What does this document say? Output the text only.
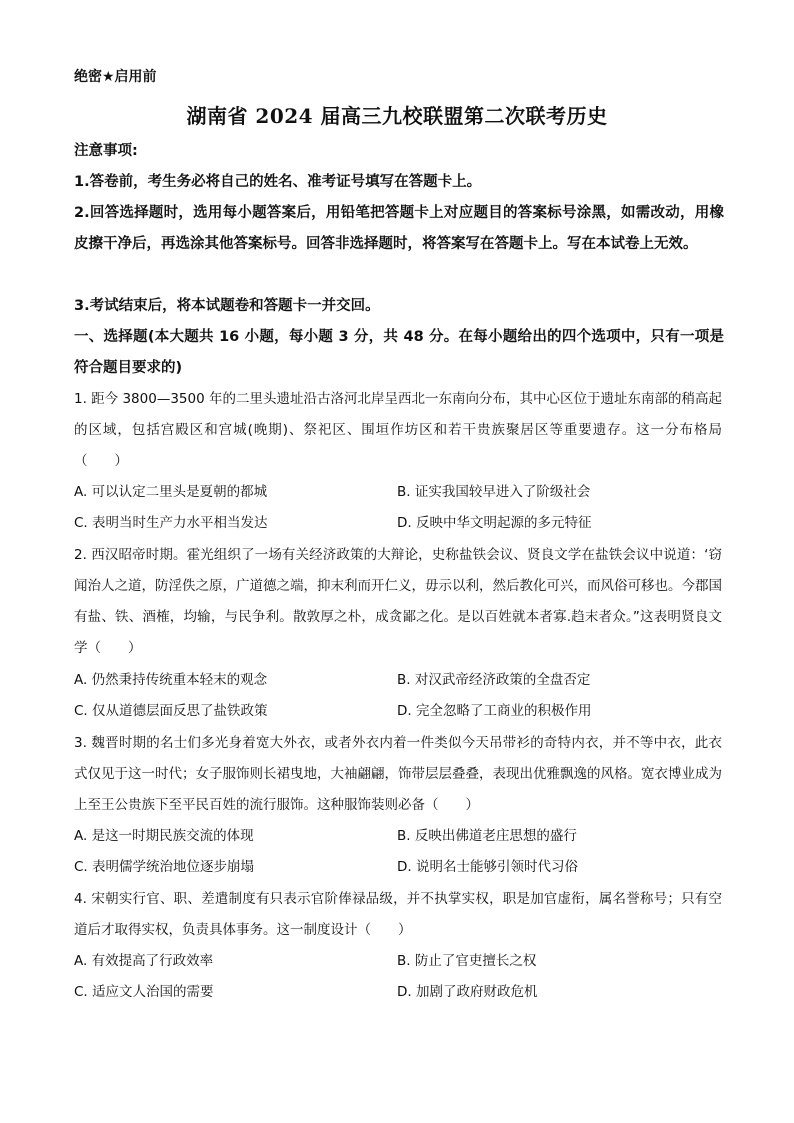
绝密★启用前
湖南省 2024 届高三九校联盟第二次联考历史
注意事项:
1.答卷前，考生务必将自己的姓名、准考证号填写在答题卡上。
2.回答选择题时，选用每小题答案后，用铅笔把答题卡上对应题目的答案标号涂黑，如需改动，用橡皮擦干净后，再选涂其他答案标号。回答非选择题时，将答案写在答题卡上。写在本试卷上无效。
3.考试结束后，将本试题卷和答题卡一并交回。
一、选择题(本大题共 16 小题，每小题 3 分，共 48 分。在每小题给出的四个选项中，只有一项是符合题目要求的)
1. 距今 3800—3500 年的二里头遗址沿古洛河北岸呈西北一东南向分布，其中心区位于遗址东南部的稍高起的区域，包括宫殿区和宫城(晚期)、祭祀区、围垣作坊区和若干贵族聚居区等重要遗存。这一分布格局（　　）
A. 可以认定二里头是夏朝的都城	B. 证实我国较早进入了阶级社会
C. 表明当时生产力水平相当发达	D. 反映中华文明起源的多元特征
2. 西汉昭帝时期。霍光组织了一场有关经济政策的大辩论，史称盐铁会议、贤良文学在盐铁会议中说道：‘窃闻治人之道，防淫佚之原，广道德之端，抑末利而开仁义，毋示以利，然后教化可兴，而风俗可移也。今郡国有盐、铁、酒榷，均输，与民争利。散敦厚之朴，成贪鄙之化。是以百姓就本者寡.趋末者众。”这表明贤良文学（　　）
A. 仍然秉持传统重本轻末的观念	B. 对汉武帝经济政策的全盘否定
C. 仅从道德层面反思了盐铁政策	D. 完全忽略了工商业的积极作用
3. 魏晋时期的名士们多光身着宽大外衣，或者外衣内着一件类似今天吊带衫的奇特内衣，并不等中衣，此衣式仅见于这一时代；女子服饰则长裙曳地，大袖翩翩，饰带层层叠叠，表现出优雅飘逸的风格。宽衣博业成为上至王公贵族下至平民百姓的流行服饰。这种服饰装则必备（　　）
A. 是这一时期民族交流的体现	B. 反映出佛道老庄思想的盛行
C. 表明儒学统治地位逐步崩塌	D. 说明名士能够引领时代习俗
4. 宋朝实行官、职、差遣制度有只表示官阶俸禄品级，并不执掌实权，职是加官虚衔，属名誉称号；只有空道后才取得实权，负责具体事务。这一制度设计（　　）
A. 有效提高了行政效率	B. 防止了官吏擅长之权
C. 适应文人治国的需要	D. 加剧了政府财政危机
